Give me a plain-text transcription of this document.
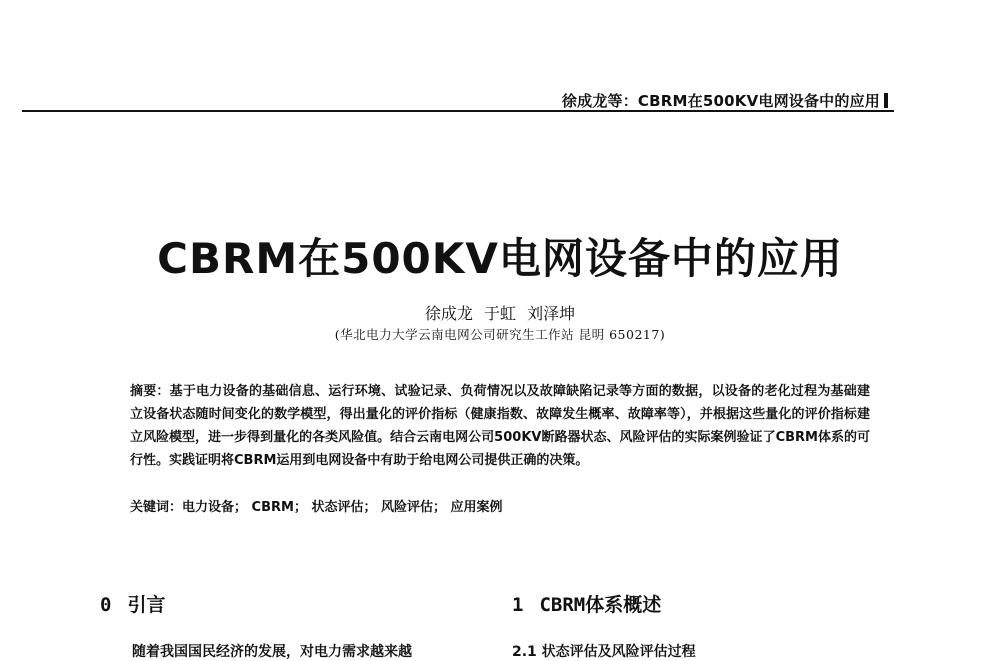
徐成龙等：CBRM在500KV电网设备中的应用
CBRM在500KV电网设备中的应用
徐成龙 于虹 刘泽坤
(华北电力大学云南电网公司研究生工作站 昆明 650217)
摘要：基于电力设备的基础信息、运行环境、试验记录、负荷情况以及故障缺陷记录等方面的数据，以设备的老化过程为基础建立设备状态随时间变化的数学模型，得出量化的评价指标（健康指数、故障发生概率、故障率等），并根据这些量化的评价指标建立风险模型，进一步得到量化的各类风险值。结合云南电网公司500KV断路器状态、风险评估的实际案例验证了CBRM体系的可行性。实践证明将CBRM运用到电网设备中有助于给电网公司提供正确的决策。
关键词：电力设备； CBRM； 状态评估； 风险评估； 应用案例
0 引言	1 CBRM体系概述
随着我国国民经济的发展，对电力需求越来越	2.1 状态评估及风险评估过程
